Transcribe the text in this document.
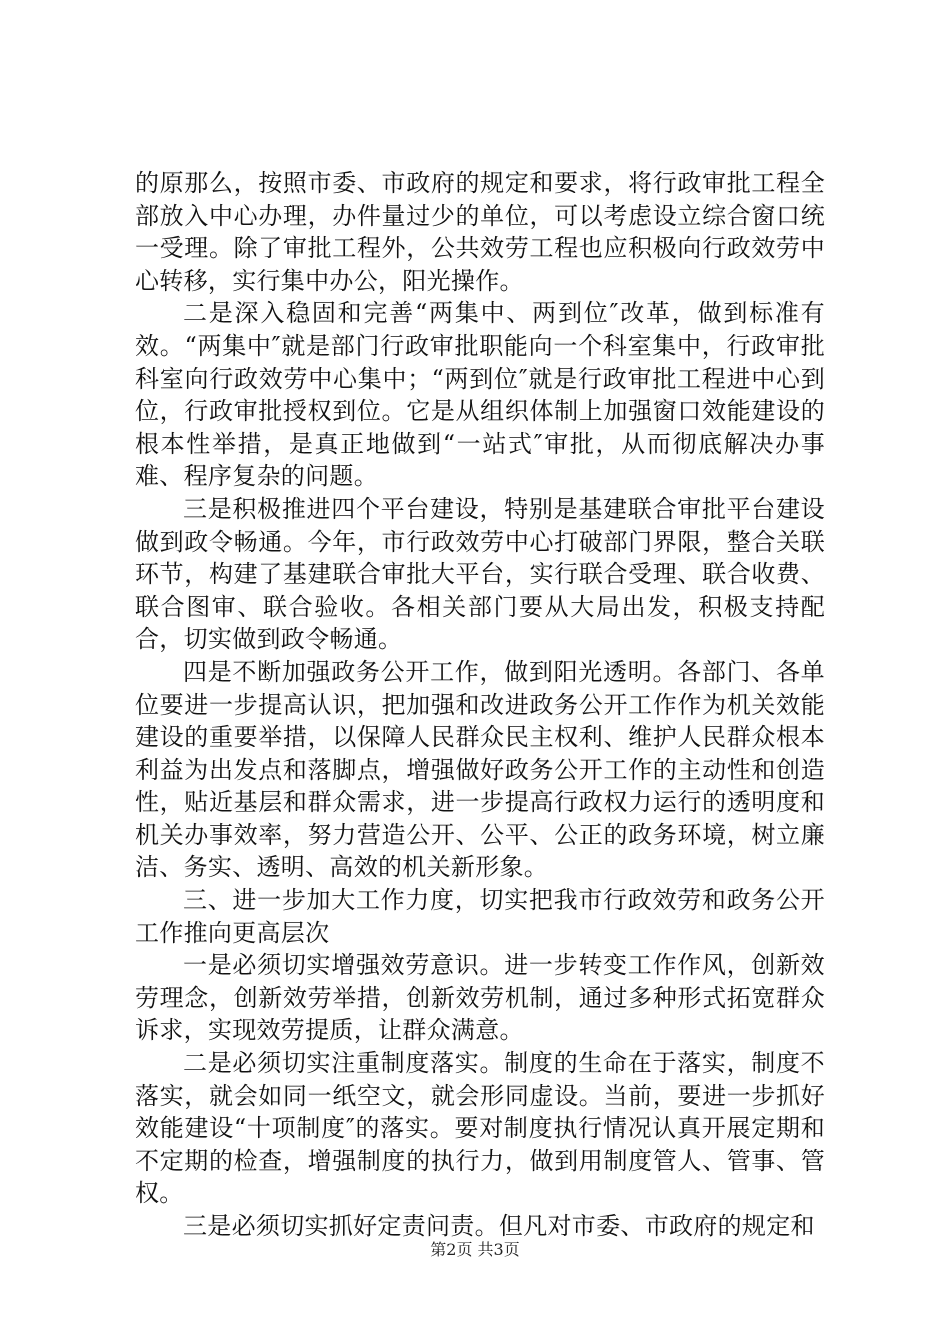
的原那么，按照市委、市政府的规定和要求，将行政审批工程全部放入中心办理，办件量过少的单位，可以考虑设立综合窗口统一受理。除了审批工程外，公共效劳工程也应积极向行政效劳中心转移，实行集中办公，阳光操作。

二是深入稳固和完善“两集中、两到位″改革，做到标准有效。“两集中″就是部门行政审批职能向一个科室集中，行政审批科室向行政效劳中心集中；“两到位″就是行政审批工程进中心到位，行政审批授权到位。它是从组织体制上加强窗口效能建设的根本性举措，是真正地做到“一站式″审批，从而彻底解决办事难、程序复杂的问题。

三是积极推进四个平台建设，特别是基建联合审批平台建设做到政令畅通。今年，市行政效劳中心打破部门界限，整合关联环节，构建了基建联合审批大平台，实行联合受理、联合收费、联合图审、联合验收。各相关部门要从大局出发，积极支持配合，切实做到政令畅通。

四是不断加强政务公开工作，做到阳光透明。各部门、各单位要进一步提高认识，把加强和改进政务公开工作作为机关效能建设的重要举措，以保障人民群众民主权利、维护人民群众根本利益为出发点和落脚点，增强做好政务公开工作的主动性和创造性，贴近基层和群众需求，进一步提高行政权力运行的透明度和机关办事效率，努力营造公开、公平、公正的政务环境，树立廉洁、务实、透明、高效的机关新形象。

三、进一步加大工作力度，切实把我市行政效劳和政务公开工作推向更高层次

一是必须切实增强效劳意识。进一步转变工作作风，创新效劳理念，创新效劳举措，创新效劳机制，通过多种形式拓宽群众诉求，实现效劳提质，让群众满意。

二是必须切实注重制度落实。制度的生命在于落实，制度不落实，就会如同一纸空文，就会形同虚设。当前，要进一步抓好效能建设“十项制度″的落实。要对制度执行情况认真开展定期和不定期的检查，增强制度的执行力，做到用制度管人、管事、管权。

三是必须切实抓好定责问责。但凡对市委、市政府的规定和

第2页 共3页
